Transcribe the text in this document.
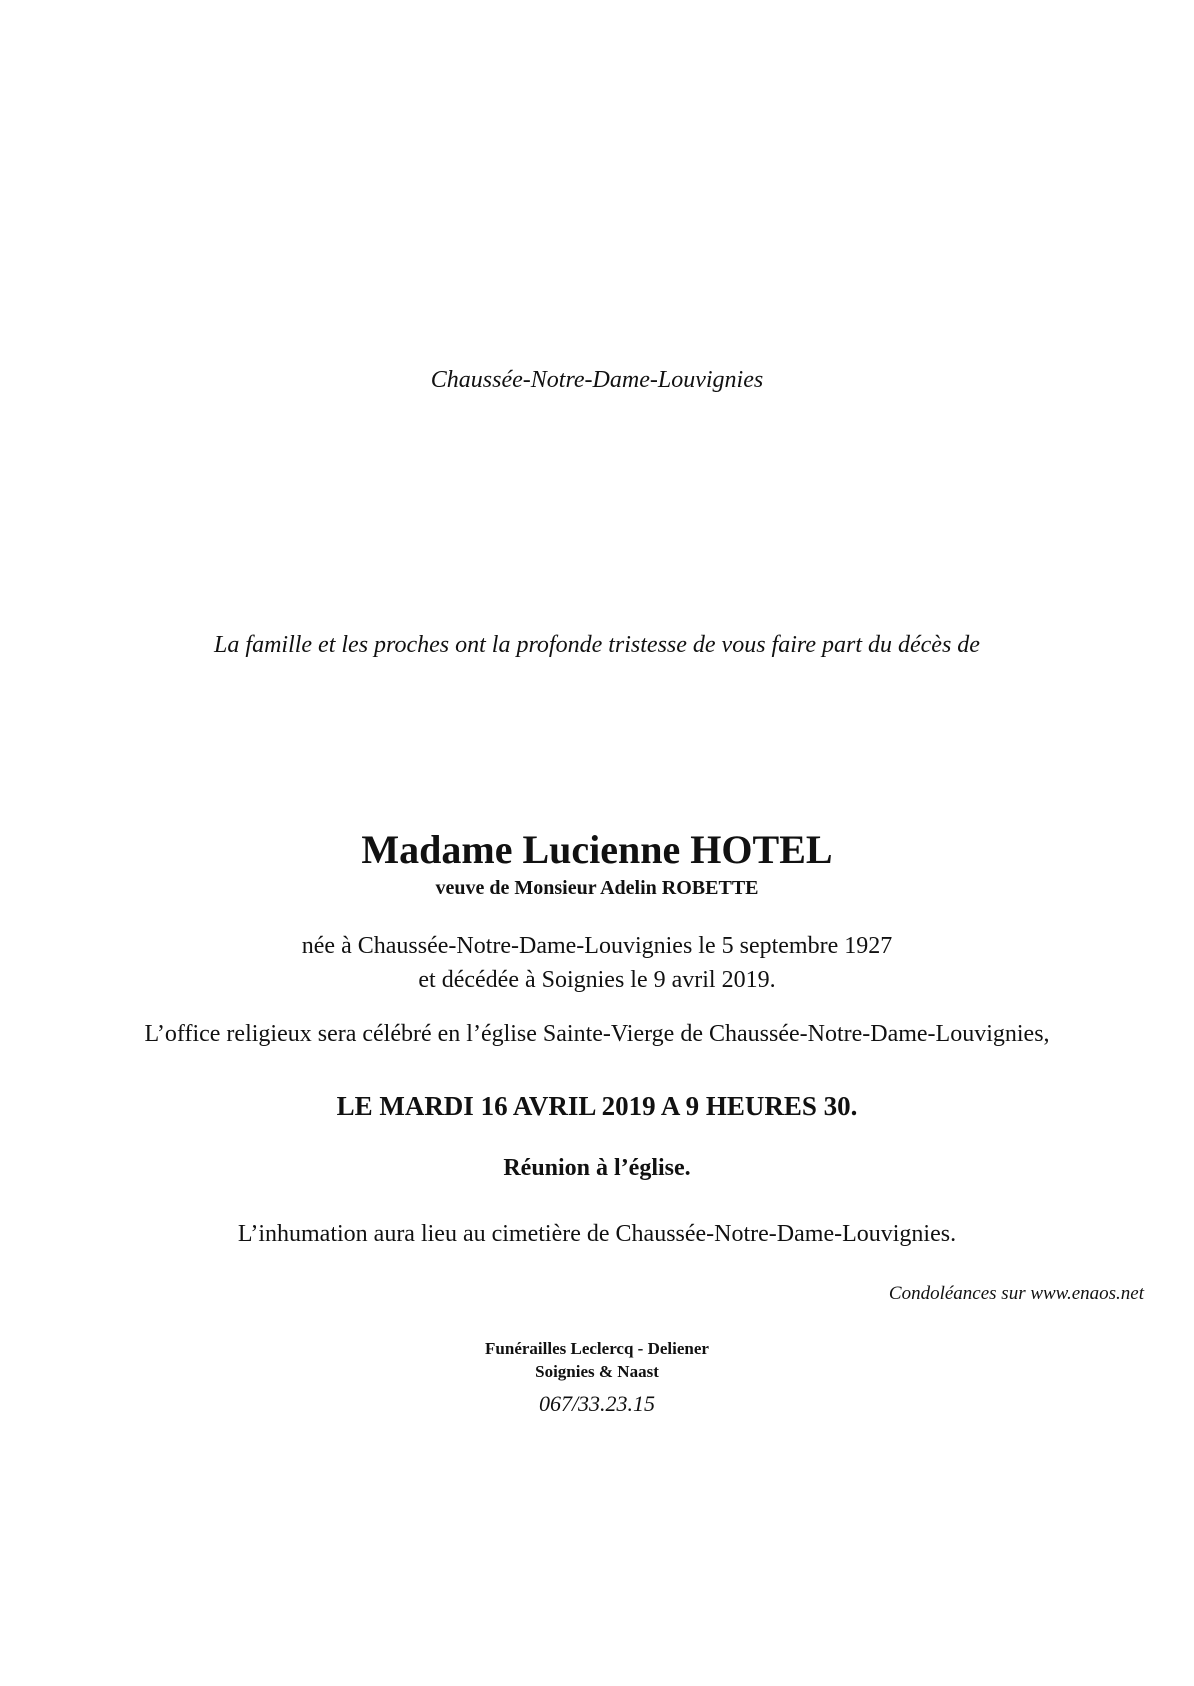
Chaussée-Notre-Dame-Louvignies
La famille et les proches ont la profonde tristesse de vous faire part du décès de
Madame Lucienne HOTEL
veuve de Monsieur Adelin ROBETTE
née à Chaussée-Notre-Dame-Louvignies le 5 septembre 1927
et décédée à Soignies le 9 avril 2019.
L’office religieux sera célébré en l’église Sainte-Vierge de Chaussée-Notre-Dame-Louvignies,
LE MARDI 16 AVRIL 2019 A 9 HEURES 30.
Réunion à l’église.
L’inhumation aura lieu au cimetière de Chaussée-Notre-Dame-Louvignies.
Condoléances sur www.enaos.net
Funérailles Leclercq - Deliener
Soignies & Naast
067/33.23.15
